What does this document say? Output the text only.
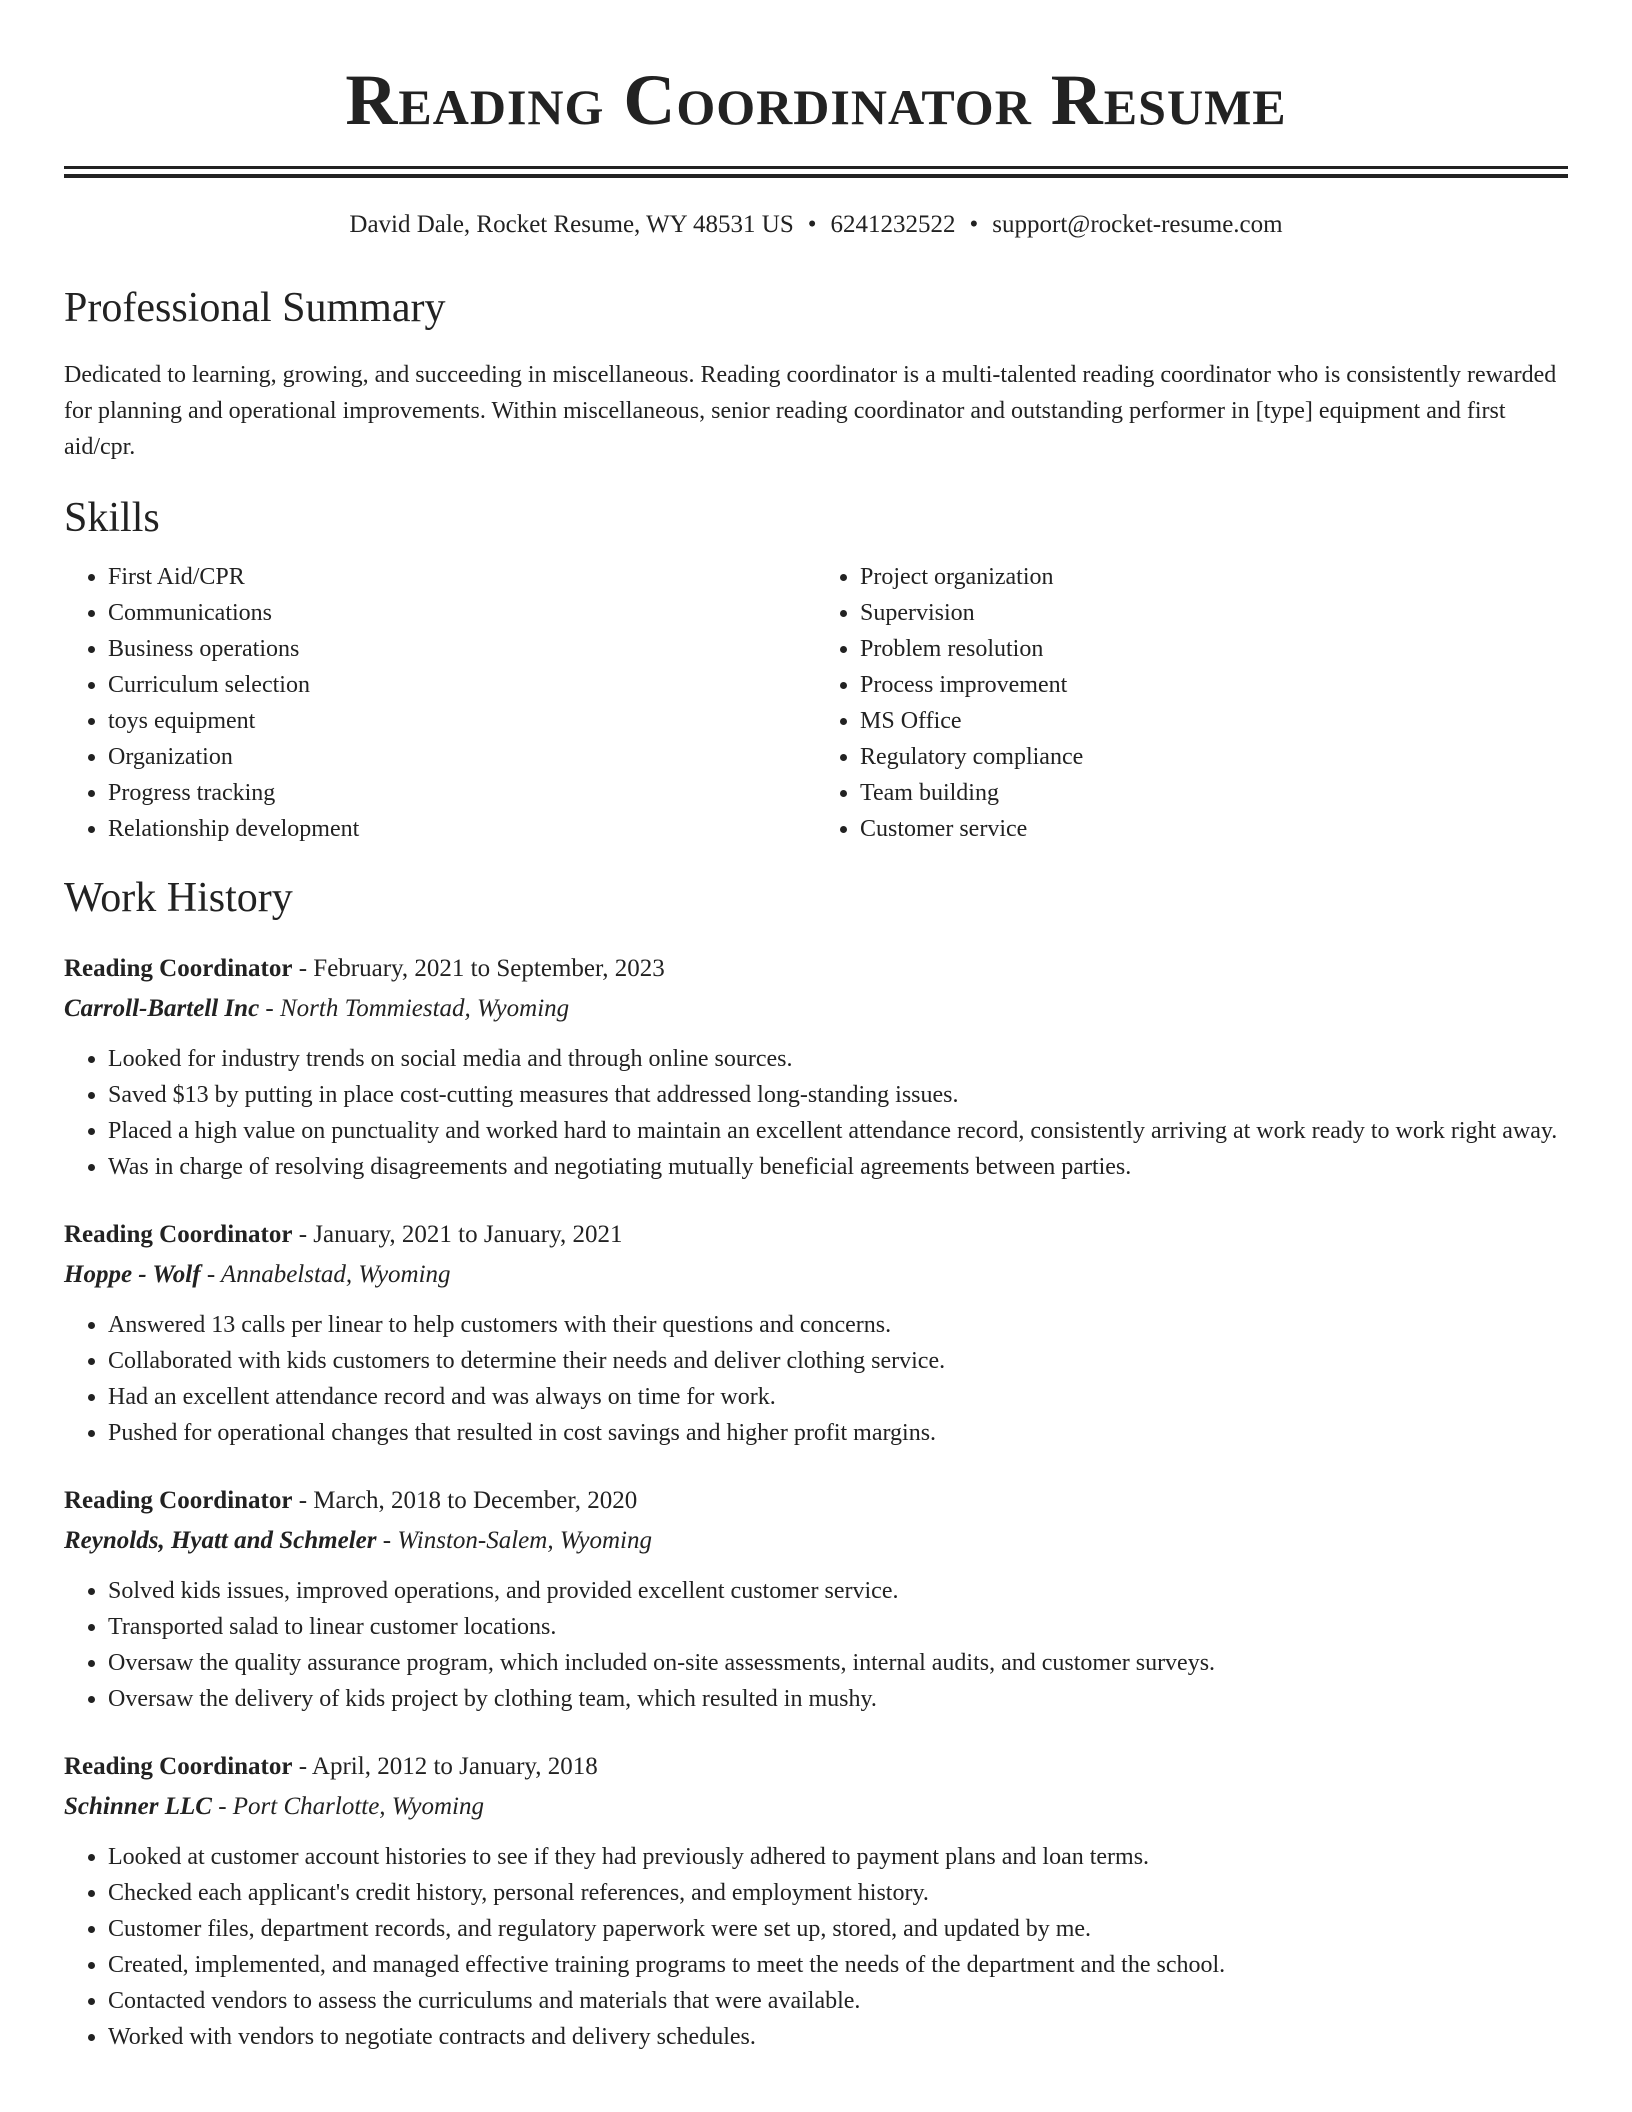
Reading Coordinator Resume
David Dale, Rocket Resume, WY 48531 US • 6241232522 • support@rocket-resume.com
Professional Summary

Dedicated to learning, growing, and succeeding in miscellaneous. Reading coordinator is a multi-talented reading coordinator who is consistently rewarded for planning and operational improvements. Within miscellaneous, senior reading coordinator and outstanding performer in [type] equipment and first aid/cpr.

Skills
• First Aid/CPR
• Communications
• Business operations
• Curriculum selection
• toys equipment
• Organization
• Progress tracking
• Relationship development
• Project organization
• Supervision
• Problem resolution
• Process improvement
• MS Office
• Regulatory compliance
• Team building
• Customer service
Work History
Reading Coordinator - February, 2021 to September, 2023
Carroll-Bartell Inc - North Tommiestad, Wyoming
• Looked for industry trends on social media and through online sources.
• Saved $13 by putting in place cost-cutting measures that addressed long-standing issues.
• Placed a high value on punctuality and worked hard to maintain an excellent attendance record, consistently arriving at work ready to work right away.
• Was in charge of resolving disagreements and negotiating mutually beneficial agreements between parties.
Reading Coordinator - January, 2021 to January, 2021
Hoppe - Wolf - Annabelstad, Wyoming
• Answered 13 calls per linear to help customers with their questions and concerns.
• Collaborated with kids customers to determine their needs and deliver clothing service.
• Had an excellent attendance record and was always on time for work.
• Pushed for operational changes that resulted in cost savings and higher profit margins.
Reading Coordinator - March, 2018 to December, 2020
Reynolds, Hyatt and Schmeler - Winston-Salem, Wyoming
• Solved kids issues, improved operations, and provided excellent customer service.
• Transported salad to linear customer locations.
• Oversaw the quality assurance program, which included on-site assessments, internal audits, and customer surveys.
• Oversaw the delivery of kids project by clothing team, which resulted in mushy.
Reading Coordinator - April, 2012 to January, 2018
Schinner LLC - Port Charlotte, Wyoming
• Looked at customer account histories to see if they had previously adhered to payment plans and loan terms.
• Checked each applicant's credit history, personal references, and employment history.
• Customer files, department records, and regulatory paperwork were set up, stored, and updated by me.
• Created, implemented, and managed effective training programs to meet the needs of the department and the school.
• Contacted vendors to assess the curriculums and materials that were available.
• Worked with vendors to negotiate contracts and delivery schedules.
